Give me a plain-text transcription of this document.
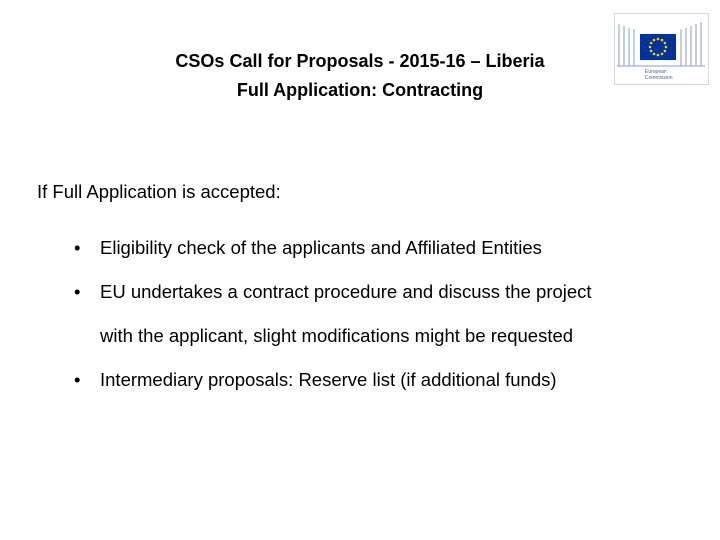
CSOs Call for Proposals - 2015-16 – Liberia
Full Application: Contracting
European
Commission
If Full Application is accepted:
• Eligibility check of the applicants and Affiliated Entities
• EU undertakes a contract procedure and discuss the project
with the applicant, slight modifications might be requested
• Intermediary proposals: Reserve list (if additional funds)
